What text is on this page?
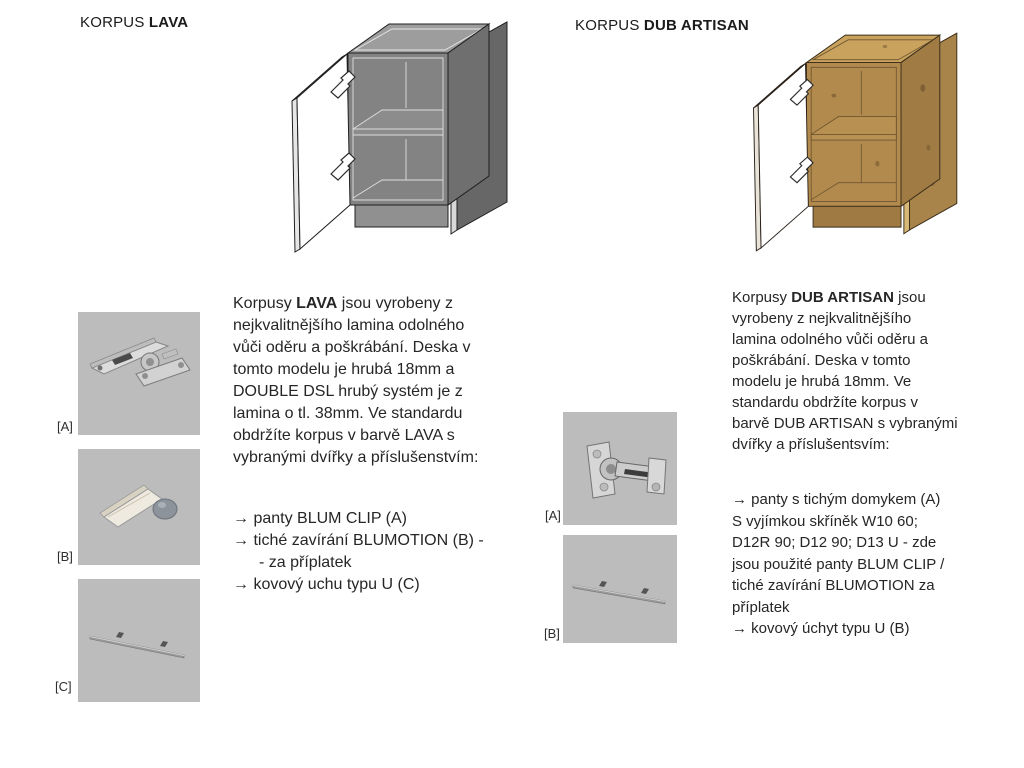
KORPUS LAVA	KORPUS DUB ARTISAN
Korpusy LAVA jsou vyrobeny z
nejkvalitnějšího lamina odolného
vůči oděru a poškrábání. Deska v
tomto modelu je hrubá 18mm a
DOUBLE DSL hrubý systém je z
lamina o tl. 38mm. Ve standardu
obdržíte korpus v barvě LAVA s
vybranými dvířky a příslušenstvím:
→ panty BLUM CLIP (A)
→ tiché zavírání BLUMOTION (B) -
- za příplatek
→ kovový uchu typu U (C)
Korpusy DUB ARTISAN jsou
vyrobeny z nejkvalitnějšího
lamina odolného vůči oděru a
poškrábání. Deska v tomto
modelu je hrubá 18mm. Ve
standardu obdržíte korpus v
barvě DUB ARTISAN s vybranými
dvířky a příslušentsvím:
→ panty s tichým domykem (A)
S vyjímkou skříněk W10 60;
D12R 90; D12 90; D13 U - zde
jsou použité panty BLUM CLIP /
tiché zavírání BLUMOTION za
příplatek
→ kovový úchyt typu U (B)
[A]
[B]
[C]
[A]
[B]
